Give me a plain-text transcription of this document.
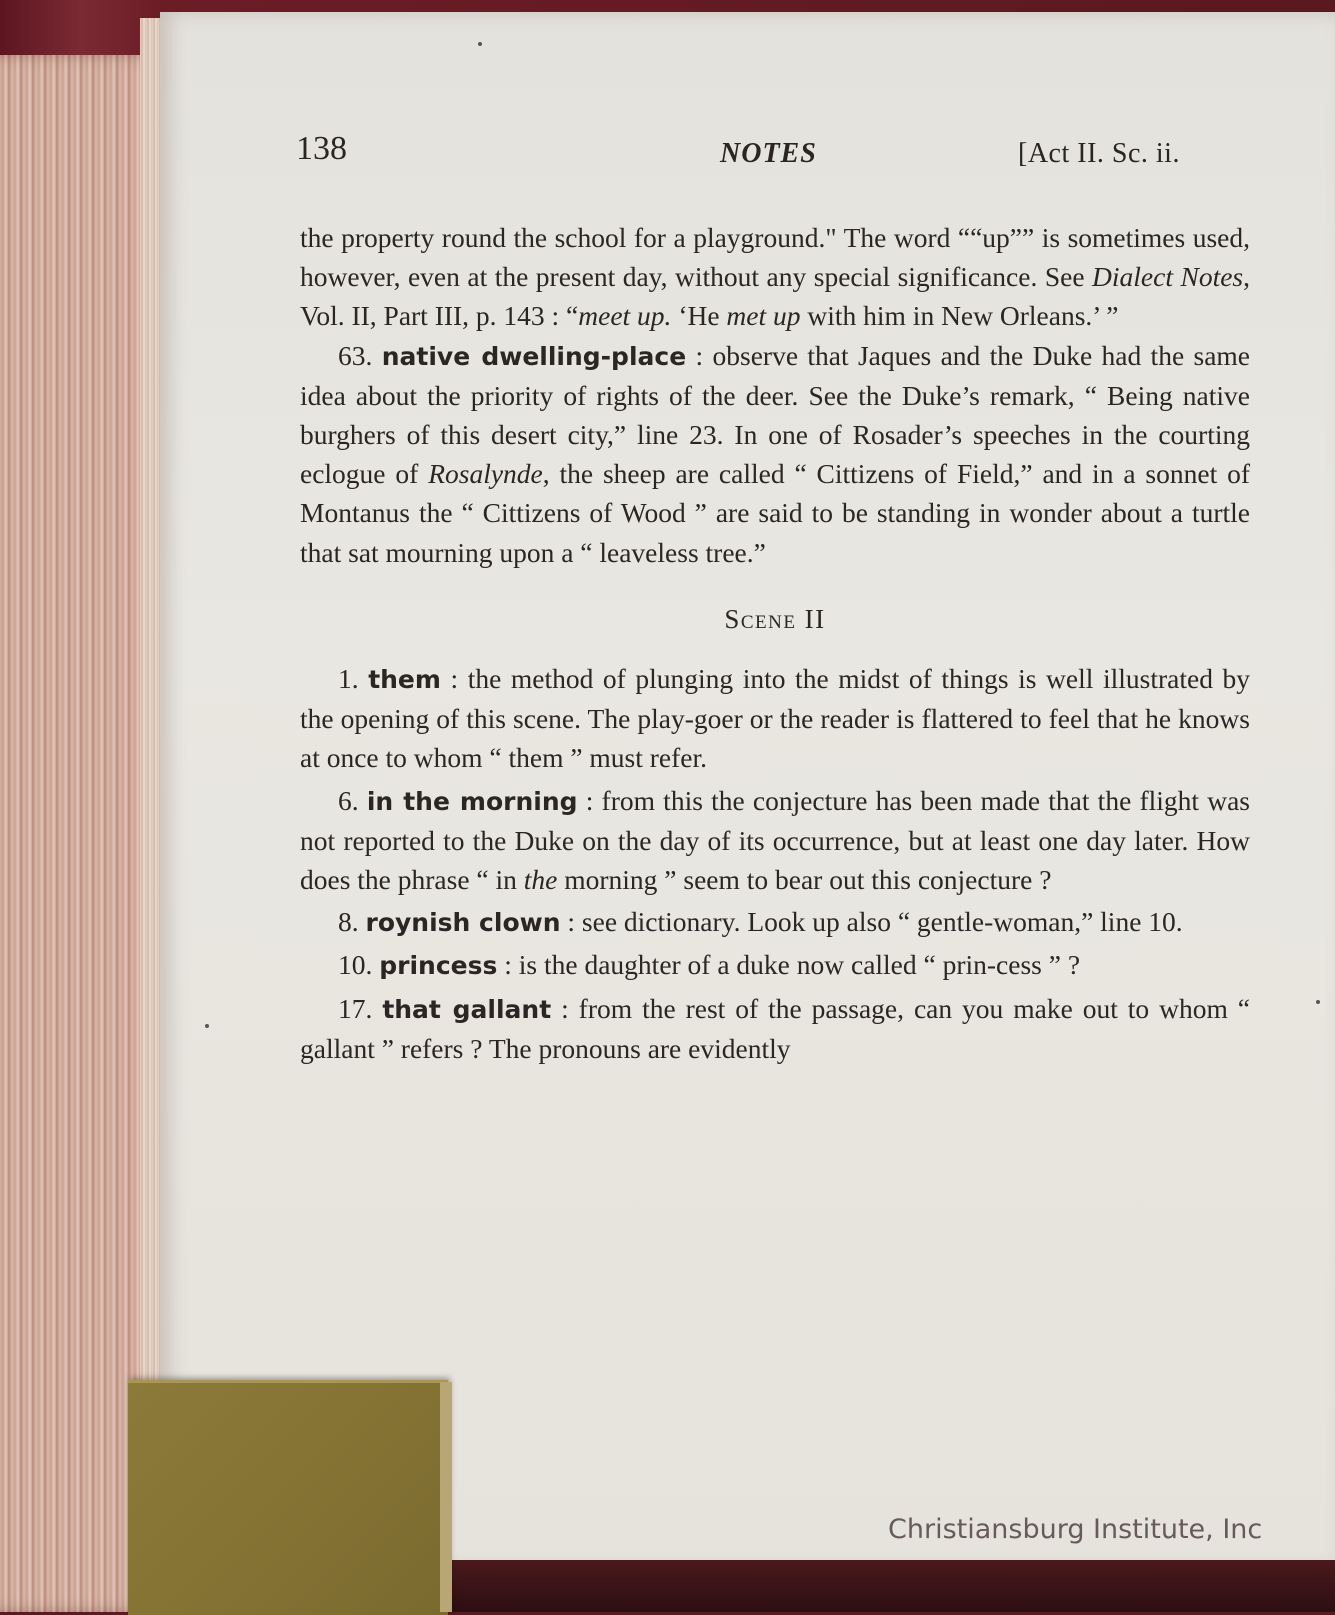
138	NOTES	[Act II. Sc. ii.

the property round the school for a playground." The word ““up”” is sometimes used, however, even at the present day, without any special significance. See Dialect Notes, Vol. II, Part III, p. 143 : “meet up. ‘He met up with him in New Orleans.’ ”

63. native dwelling-place : observe that Jaques and the Duke had the same idea about the priority of rights of the deer. See the Duke’s remark, “ Being native burghers of this desert city,” line 23. In one of Rosader’s speeches in the courting eclogue of Rosalynde, the sheep are called “ Cittizens of Field,” and in a sonnet of Montanus the “ Cittizens of Wood ” are said to be standing in wonder about a turtle that sat mourning upon a “ leaveless tree.”

Scene II

1. them : the method of plunging into the midst of things is well illustrated by the opening of this scene. The play-goer or the reader is flattered to feel that he knows at once to whom “ them ” must refer.

6. in the morning : from this the conjecture has been made that the flight was not reported to the Duke on the day of its occurrence, but at least one day later. How does the phrase “ in the morning ” seem to bear out this conjecture ?

8. roynish clown : see dictionary. Look up also “ gentle-woman,” line 10.

10. princess : is the daughter of a duke now called “ prin-cess ” ?

17. that gallant : from the rest of the passage, can you make out to whom “ gallant ” refers ? The pronouns are evidently

Christiansburg Institute, Inc
